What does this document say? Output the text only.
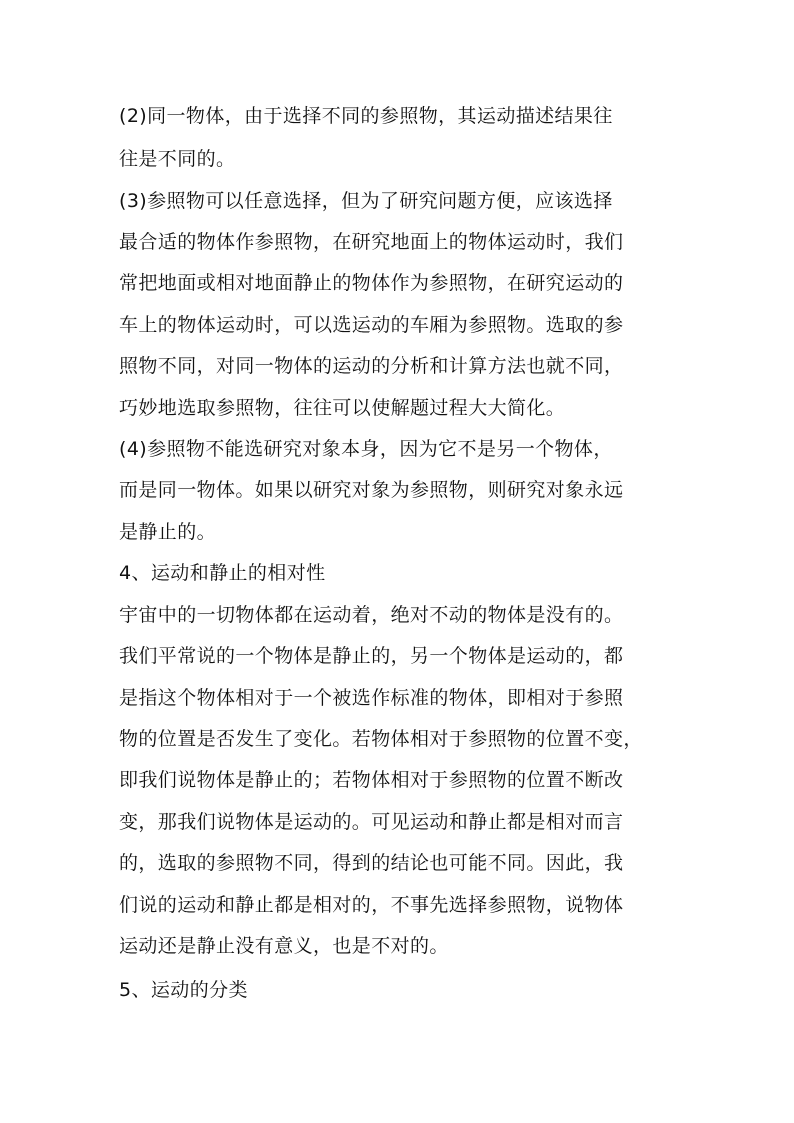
(2)同一物体，由于选择不同的参照物，其运动描述结果往
往是不同的。
(3)参照物可以任意选择，但为了研究问题方便，应该选择
最合适的物体作参照物，在研究地面上的物体运动时，我们
常把地面或相对地面静止的物体作为参照物，在研究运动的
车上的物体运动时，可以选运动的车厢为参照物。选取的参
照物不同，对同一物体的运动的分析和计算方法也就不同，
巧妙地选取参照物，往往可以使解题过程大大简化。
(4)参照物不能选研究对象本身，因为它不是另一个物体，
而是同一物体。如果以研究对象为参照物，则研究对象永远
是静止的。
4、运动和静止的相对性
宇宙中的一切物体都在运动着，绝对不动的物体是没有的。
我们平常说的一个物体是静止的，另一个物体是运动的，都
是指这个物体相对于一个被选作标准的物体，即相对于参照
物的位置是否发生了变化。若物体相对于参照物的位置不变，
即我们说物体是静止的；若物体相对于参照物的位置不断改
变，那我们说物体是运动的。可见运动和静止都是相对而言
的，选取的参照物不同，得到的结论也可能不同。因此，我
们说的运动和静止都是相对的，不事先选择参照物，说物体
运动还是静止没有意义，也是不对的。
5、运动的分类
